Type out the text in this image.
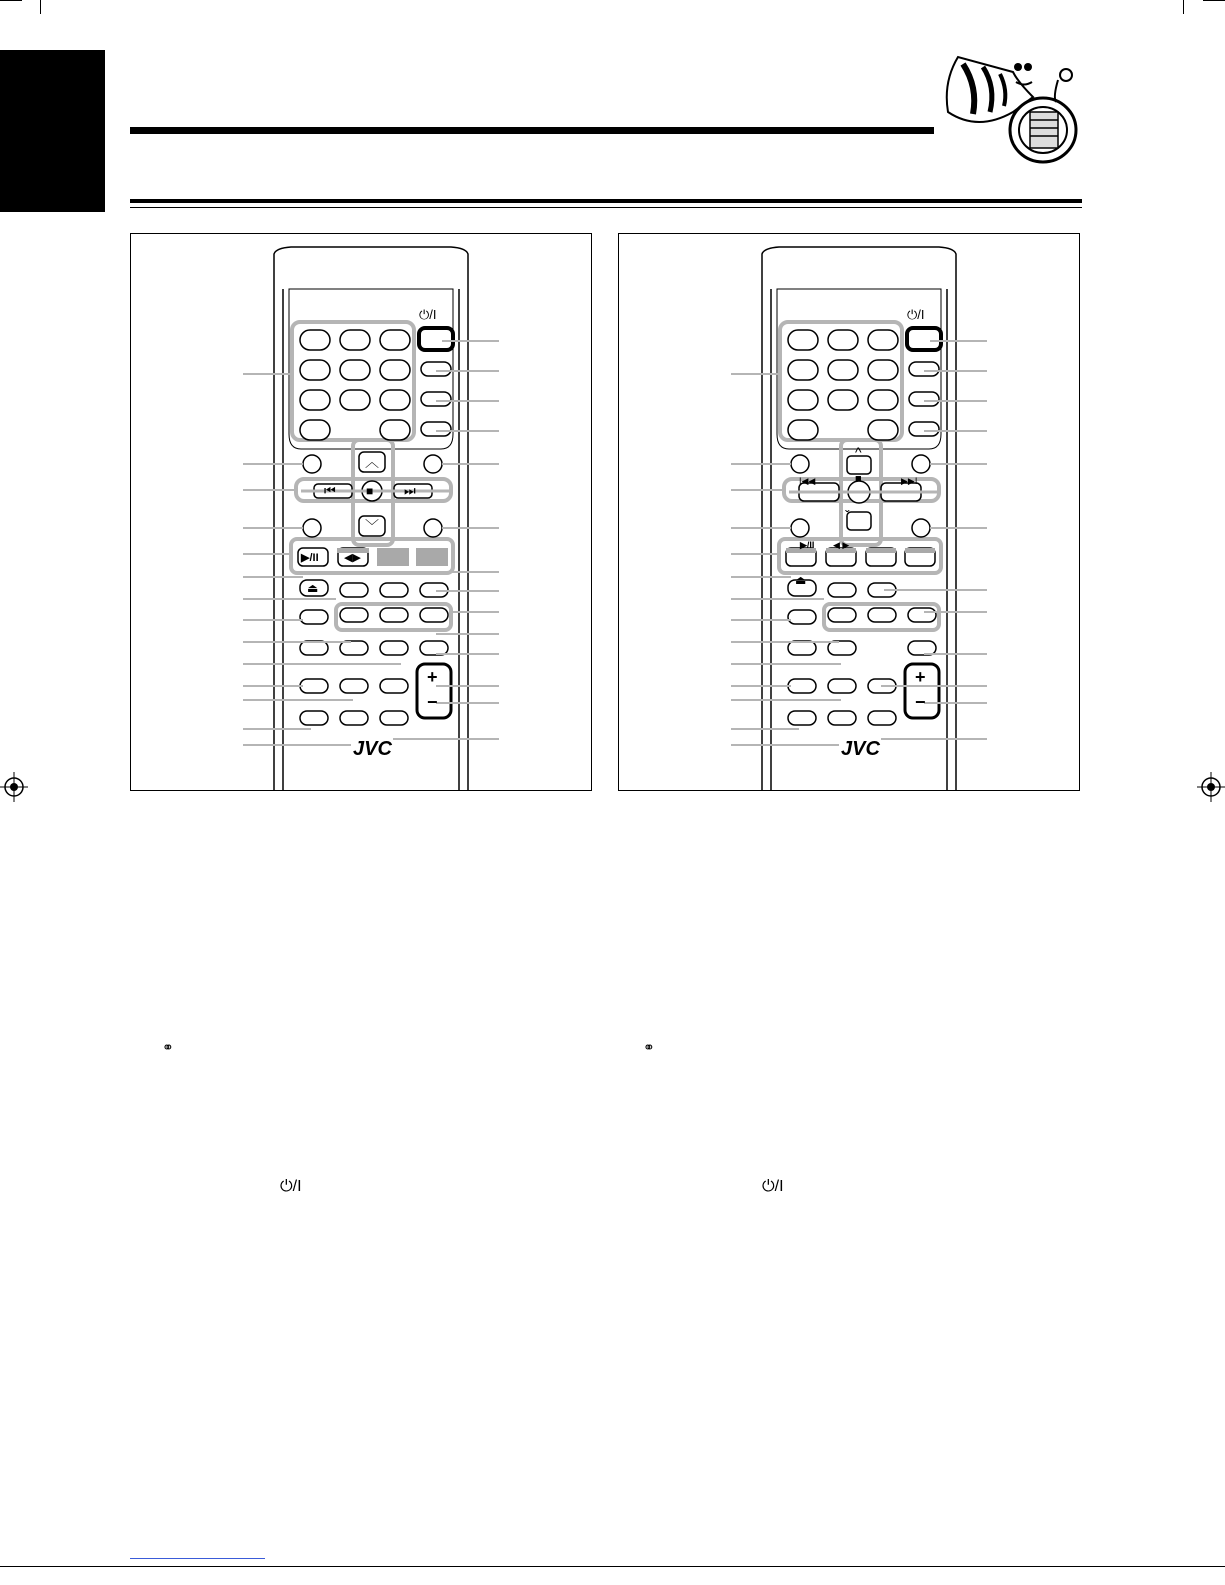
⏻/I
︿
﹀
⏮	■ ⏭
▶/II ◀▶
⏏
+
−
JVC
⏻/I
^
ˇ
I◀◀	■	▶▶I
▶/II ◀ ▶
⏏
+
−
JVC
⚭	⚭
⏻/I	⏻/I
